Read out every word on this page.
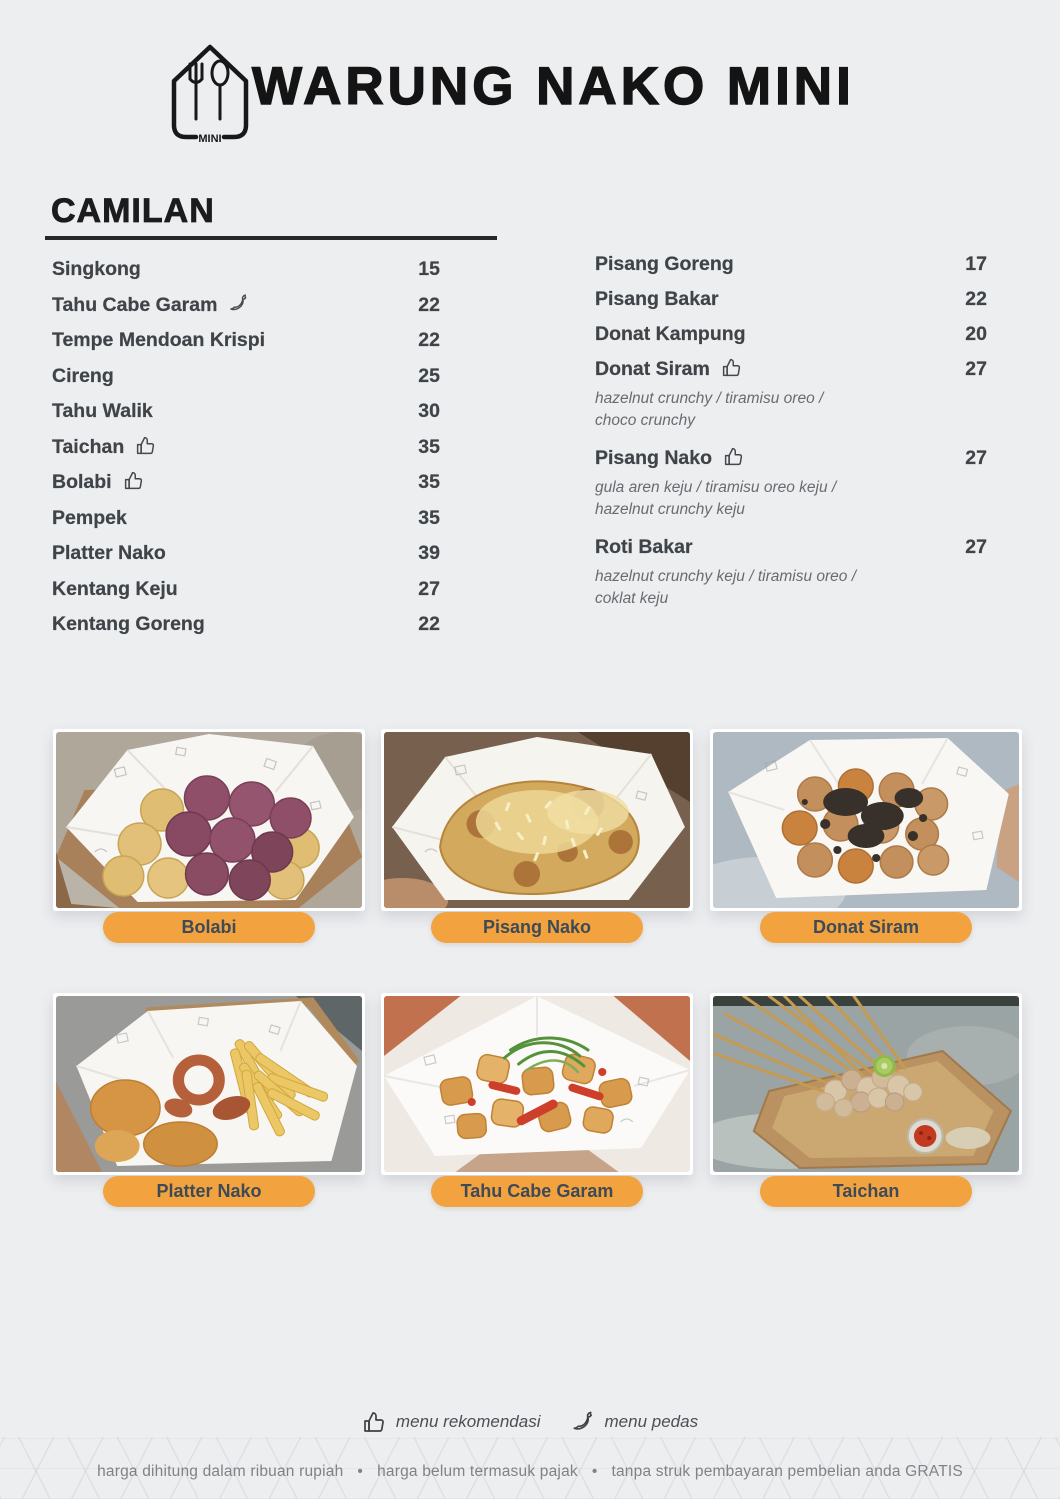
MINI
WARUNG NAKO MINI
CAMILAN
Singkong	15
Tahu Cabe Garam	22
Tempe Mendoan Krispi	22
Cireng	25
Tahu Walik	30
Taichan	35
Bolabi	35
Pempek	35
Platter Nako	39
Kentang Keju	27
Kentang Goreng	22
Pisang Goreng	17
Pisang Bakar	22
Donat Kampung	20
Donat Siram	27
hazelnut crunchy / tiramisu oreo / choco crunchy
Pisang Nako	27
gula aren keju / tiramisu oreo keju / hazelnut crunchy keju
Roti Bakar	27
hazelnut crunchy keju / tiramisu oreo / coklat keju
Bolabi	Pisang Nako	Donat Siram
Platter Nako	Tahu Cabe Garam	Taichan
menu rekomendasi	menu pedas
harga dihitung dalam ribuan rupiah • harga belum termasuk pajak • tanpa struk pembayaran pembelian anda GRATIS
